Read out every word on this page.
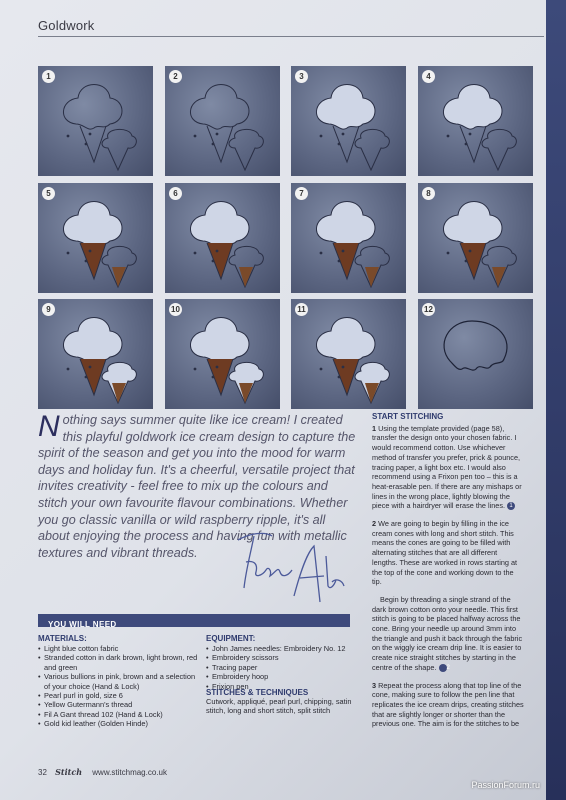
Goldwork
1	2	3	4
5	6	7	8
9	10	11	12
Nothing says summer quite like ice cream! I created this playful goldwork ice cream design to capture the spirit of the season and get you into the mood for warm days and holiday fun. It's a cheerful, versatile project that invites creativity - feel free to mix up the colours and stitch your own favourite flavour combinations. Whether you go classic vanilla or wild raspberry ripple, it's all about enjoying the process and having fun with metallic textures and vibrant threads.
YOU WILL NEED
MATERIALS:
• Light blue cotton fabric
• Stranded cotton in dark brown, light brown, red and green
• Various bullions in pink, brown and a selection of your choice (Hand & Lock)
• Pearl purl in gold, size 6
• Yellow Gutermann's thread
• Fil A Gant thread 102 (Hand & Lock)
• Gold kid leather (Golden Hinde)
EQUIPMENT:
• John James needles: Embroidery No. 12
• Embroidery scissors
• Tracing paper
• Embroidery hoop
• Frixion pen
STITCHES & TECHNIQUES
Cutwork, appliqué, pearl purl, chipping, satin stitch, long and short stitch, split stitch
START STITCHING

1 Using the template provided (page 58), transfer the design onto your chosen fabric. I would recommend cotton. Use whichever method of transfer you prefer, prick & pounce, tracing paper, a light box etc. I would also recommend using a Frixon pen too – this is a heat-erasable pen. If there are any mishaps or lines in the wrong place, lightly blowing the piece with a hairdryer will erase the lines. 1

2 We are going to begin by filling in the ice cream cones with long and short stitch. This means the cones are going to be filled with alternating stitches that are all different lengths. These are worked in rows starting at the top of the cone and working down to the tip.

Begin by threading a single strand of the dark brown cotton onto your needle. This first stitch is going to be placed halfway across the cone. Bring your needle up around 3mm into the triangle and push it back through the fabric on the wiggly ice cream drip line. It is easier to create nice straight stitches by starting in the centre of the shape. 2

3 Repeat the process along that top line of the cone, making sure to follow the pen line that replicates the ice cream drips, creating stitches that are slightly longer or shorter than the previous one. The aim is for the stitches to be

32 Stitch www.stitchmag.co.uk
PassionForum.ru
